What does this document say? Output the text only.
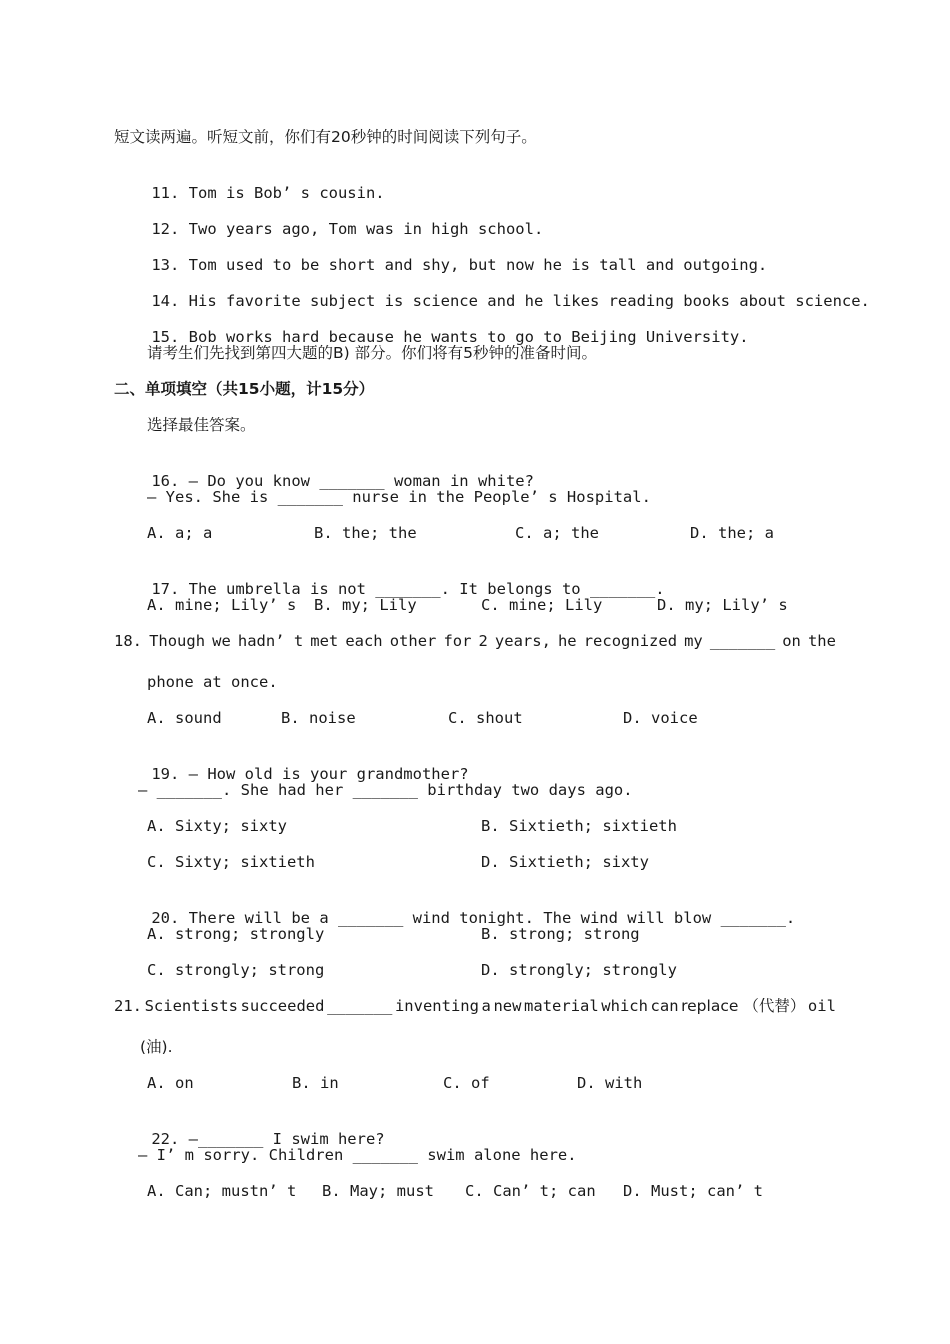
短文读两遍。听短文前，你们有20秒钟的时间阅读下列句子。

11. Tom is Bob’ s cousin.

12. Two years ago, Tom was in high school.

13. Tom used to be short and shy, but now he is tall and outgoing.

14. His favorite subject is science and he likes reading books about science.

15. Bob works hard because he wants to go to Beijing University.

请考生们先找到第四大题的B) 部分。你们将有5秒钟的准备时间。
二、单项填空（共15小题，计15分）
选择最佳答案。

16. — Do you know _______ woman in white?

— Yes. She is _______ nurse in the People’ s Hospital.
A. a; a	B. the; the	C. a; the	D. the; a

17. The umbrella is not _______. It belongs to _______.

A. mine; Lily’ s B. my; Lily	C. mine; Lily	D. my; Lily’ s
18. Though we hadn’ t met each other for 2 years, he recognized my _______ on the
phone at once.
A. sound	B. noise	C. shout	D. voice

19. — How old is your grandmother?

— _______. She had her _______ birthday two days ago.
A. Sixty; sixty	B. Sixtieth; sixtieth
C. Sixty; sixtieth	D. Sixtieth; sixty

20. There will be a _______ wind tonight. The wind will blow _______.

A. strong; strongly	B. strong; strong
C. strongly; strong	D. strongly; strongly
21. Scientists succeeded _______ inventing a new material which can replace （代替） oil
(油).
A. on	B. in	C. of	D. with

22. —_______ I swim here?

— I’ m sorry. Children _______ swim alone here.
A. Can; mustn’ t B. May; must C. Can’ t; can D. Must; can’ t
